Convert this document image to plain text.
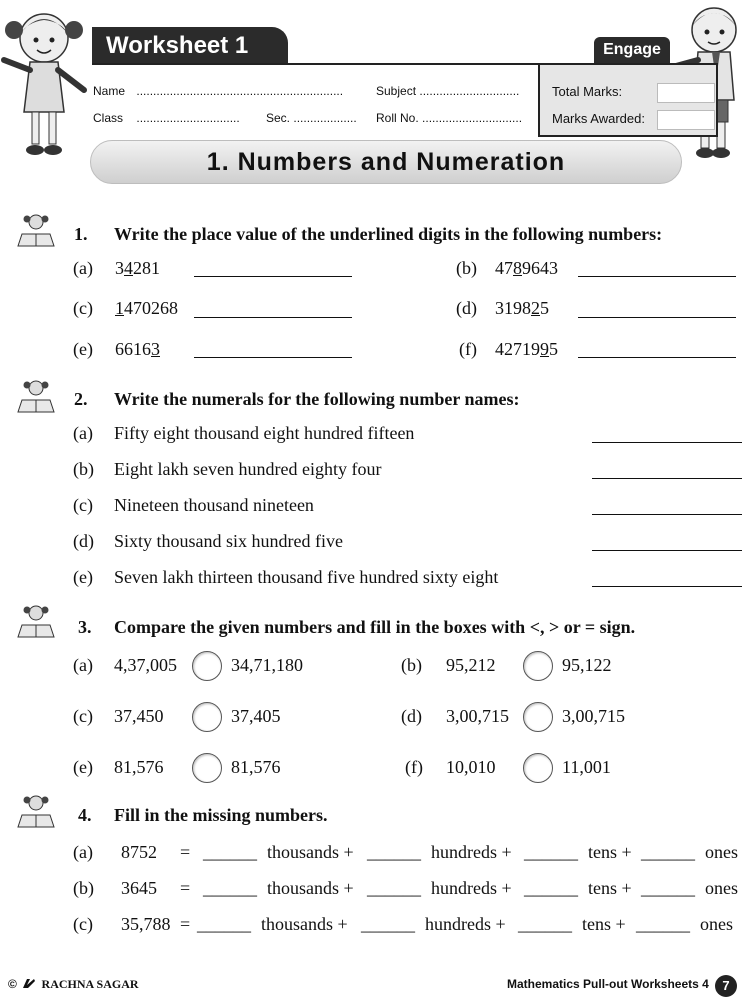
Worksheet 1	Engage
Name ..............................................................	Subject ..............................
Class ............................... Sec. ................... Roll No. ..............................
Total Marks:
Marks Awarded:
1. Numbers and Numeration
1. Write the place value of the underlined digits in the following numbers:
(a) 34281	(b) 4789643
(c) 1470268	(d) 319825
(e) 66163	(f) 4271995
2. Write the numerals for the following number names:
(a) Fifty eight thousand eight hundred fifteen
(b) Eight lakh seven hundred eighty four
(c) Nineteen thousand nineteen
(d) Sixty thousand six hundred five
(e) Seven lakh thirteen thousand five hundred sixty eight
3. Compare the given numbers and fill in the boxes with <, > or = sign.
(a) 4,37,005	34,71,180	(b) 95,212	95,122
(c) 37,450	37,405	(d) 3,00,715	3,00,715
(e) 81,576	81,576	(f) 10,010	11,001
4. Fill in the missing numbers.
(a) 8752 = ______ thousands + ______ hundreds + ______ tens + ______ ones
(b) 3645 = ______ thousands + ______ hundreds + ______ tens + ______ ones
(c) 35,788 = ______ thousands + ______ hundreds + ______ tens + ______ ones
© RACHNA SAGAR	Mathematics Pull-out Worksheets 4	7
